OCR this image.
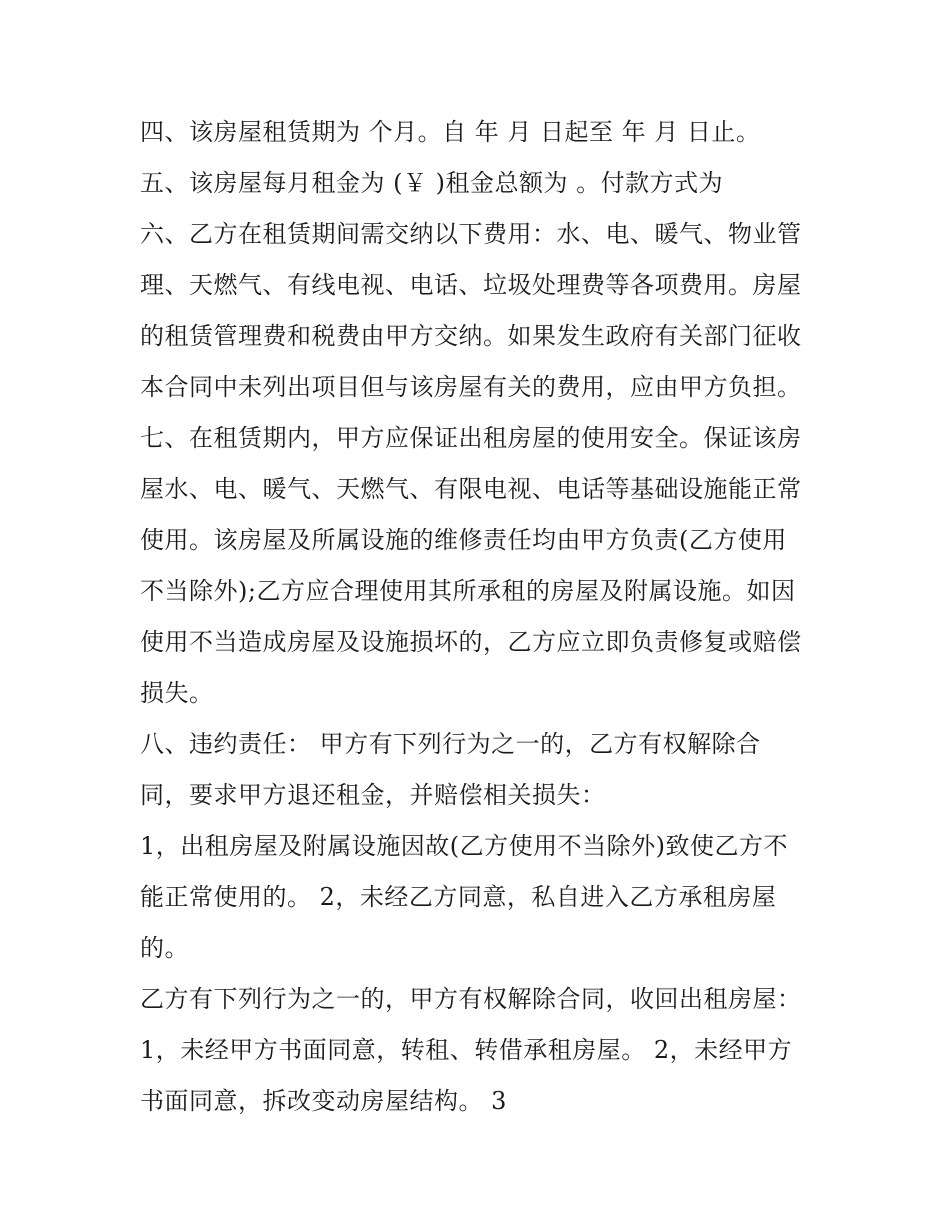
四、该房屋租赁期为 个月。自 年 月 日起至 年 月 日止。
五、该房屋每月租金为 (￥ )租金总额为 。付款方式为
六、乙方在租赁期间需交纳以下费用：水、电、暖气、物业管
理、天燃气、有线电视、电话、垃圾处理费等各项费用。房屋
的租赁管理费和税费由甲方交纳。如果发生政府有关部门征收
本合同中未列出项目但与该房屋有关的费用，应由甲方负担。
七、在租赁期内，甲方应保证出租房屋的使用安全。保证该房
屋水、电、暖气、天燃气、有限电视、电话等基础设施能正常
使用。该房屋及所属设施的维修责任均由甲方负责(乙方使用
不当除外);乙方应合理使用其所承租的房屋及附属设施。如因
使用不当造成房屋及设施损坏的，乙方应立即负责修复或赔偿
损失。
八、违约责任： 甲方有下列行为之一的，乙方有权解除合
同，要求甲方退还租金，并赔偿相关损失：
1，出租房屋及附属设施因故(乙方使用不当除外)致使乙方不
能正常使用的。 2，未经乙方同意，私自进入乙方承租房屋
的。
乙方有下列行为之一的，甲方有权解除合同，收回出租房屋：
1，未经甲方书面同意，转租、转借承租房屋。 2，未经甲方
书面同意，拆改变动房屋结构。 3
